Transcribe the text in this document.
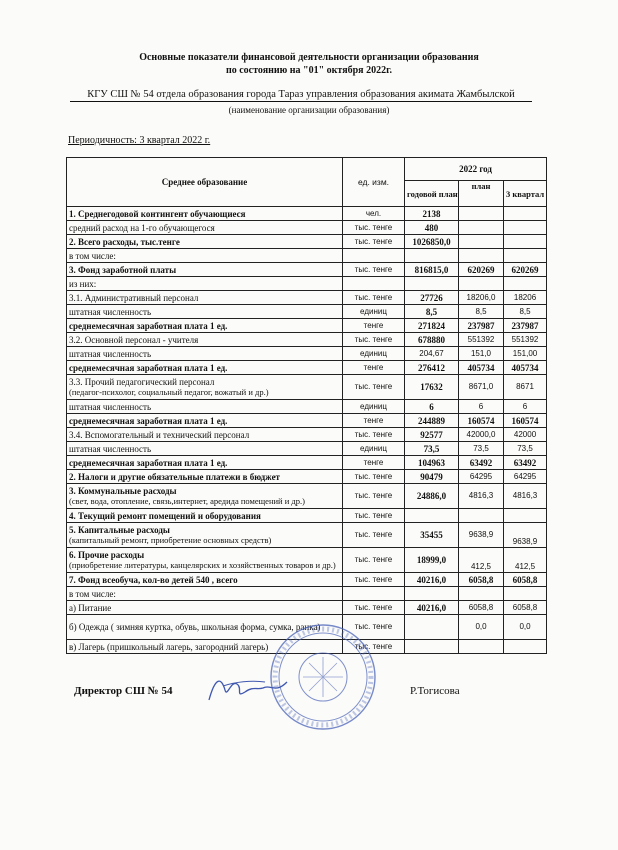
Основные показатели финансовой деятельности организации образования
по состоянию на "01" октября 2022г.
КГУ СШ № 54 отдела образования города Тараз управления образования акимата Жамбылской
(наименование организации образования)
Периодичность: 3 квартал 2022 г.
Среднее образование	ед. изм.	2022 год		
		годовой план	план	3 квартал
1. Среднегодовой контингент обучающиеся	чел.	2138		
средний расход на 1-го обучающегося	тыс. тенге	480		
2. Всего расходы, тыс.тенге	тыс. тенге	1026850,0		
в том числе:				
3. Фонд заработной платы	тыс. тенге	816815,0	620269	620269
из них:				
3.1. Административный персонал	тыс. тенге	27726	18206,0	18206
штатная численность	единиц	8,5	8,5	8,5
среднемесячная заработная плата 1 ед.	тенге	271824	237987	237987
3.2. Основной персонал - учителя	тыс. тенге	678880	551392	551392
штатная численность	единиц	204,67	151,0	151,00
среднемесячная заработная плата 1 ед.	тенге	276412	405734	405734
3.3. Прочий педагогический персонал
(педагог-психолог, социальный педагог, вожатый и др.)	тыс. тенге	17632	8671,0	8671
штатная численность	единиц	6	6	6
среднемесячная заработная плата 1 ед.	тенге	244889	160574	160574
3.4. Вспомогательный и технический персонал	тыс. тенге	92577	42000,0	42000
штатная численность	единиц	73,5	73,5	73,5
среднемесячная заработная плата 1 ед.	тенге	104963	63492	63492
2. Налоги и другие обязательные платежи в бюджет	тыс. тенге	90479	64295	64295
3. Коммунальные расходы
(свет, вода, отопление, связь,интернет, аредида помещений и др.)	тыс. тенге	24886,0	4816,3	4816,3
4. Текущий ремонт помещений и оборудования	тыс. тенге			
5. Капитальные расходы
(капитальный ремонт, приобретение основных средств)	тыс. тенге	35455	9638,9	9638,9
6. Прочие расходы
(приобретение литературы, канцелярских и хозяйственных товаров и др.)	тыс. тенге	18999,0	412,5	412,5
7. Фонд всеобуча, кол-во детей 540 , всего	тыс. тенге	40216,0	6058,8	6058,8
в том числе:				
а) Питание	тыс. тенге	40216,0	6058,8	6058,8
б) Одежда ( зимняя куртка, обувь, школьная форма, сумка, ранка)	тыс. тенге		0,0	0,0
в) Лагерь (пришкольный лагерь, загородний лагерь)	тыс. тенге			
Директор СШ № 54	Р.Тогисова
